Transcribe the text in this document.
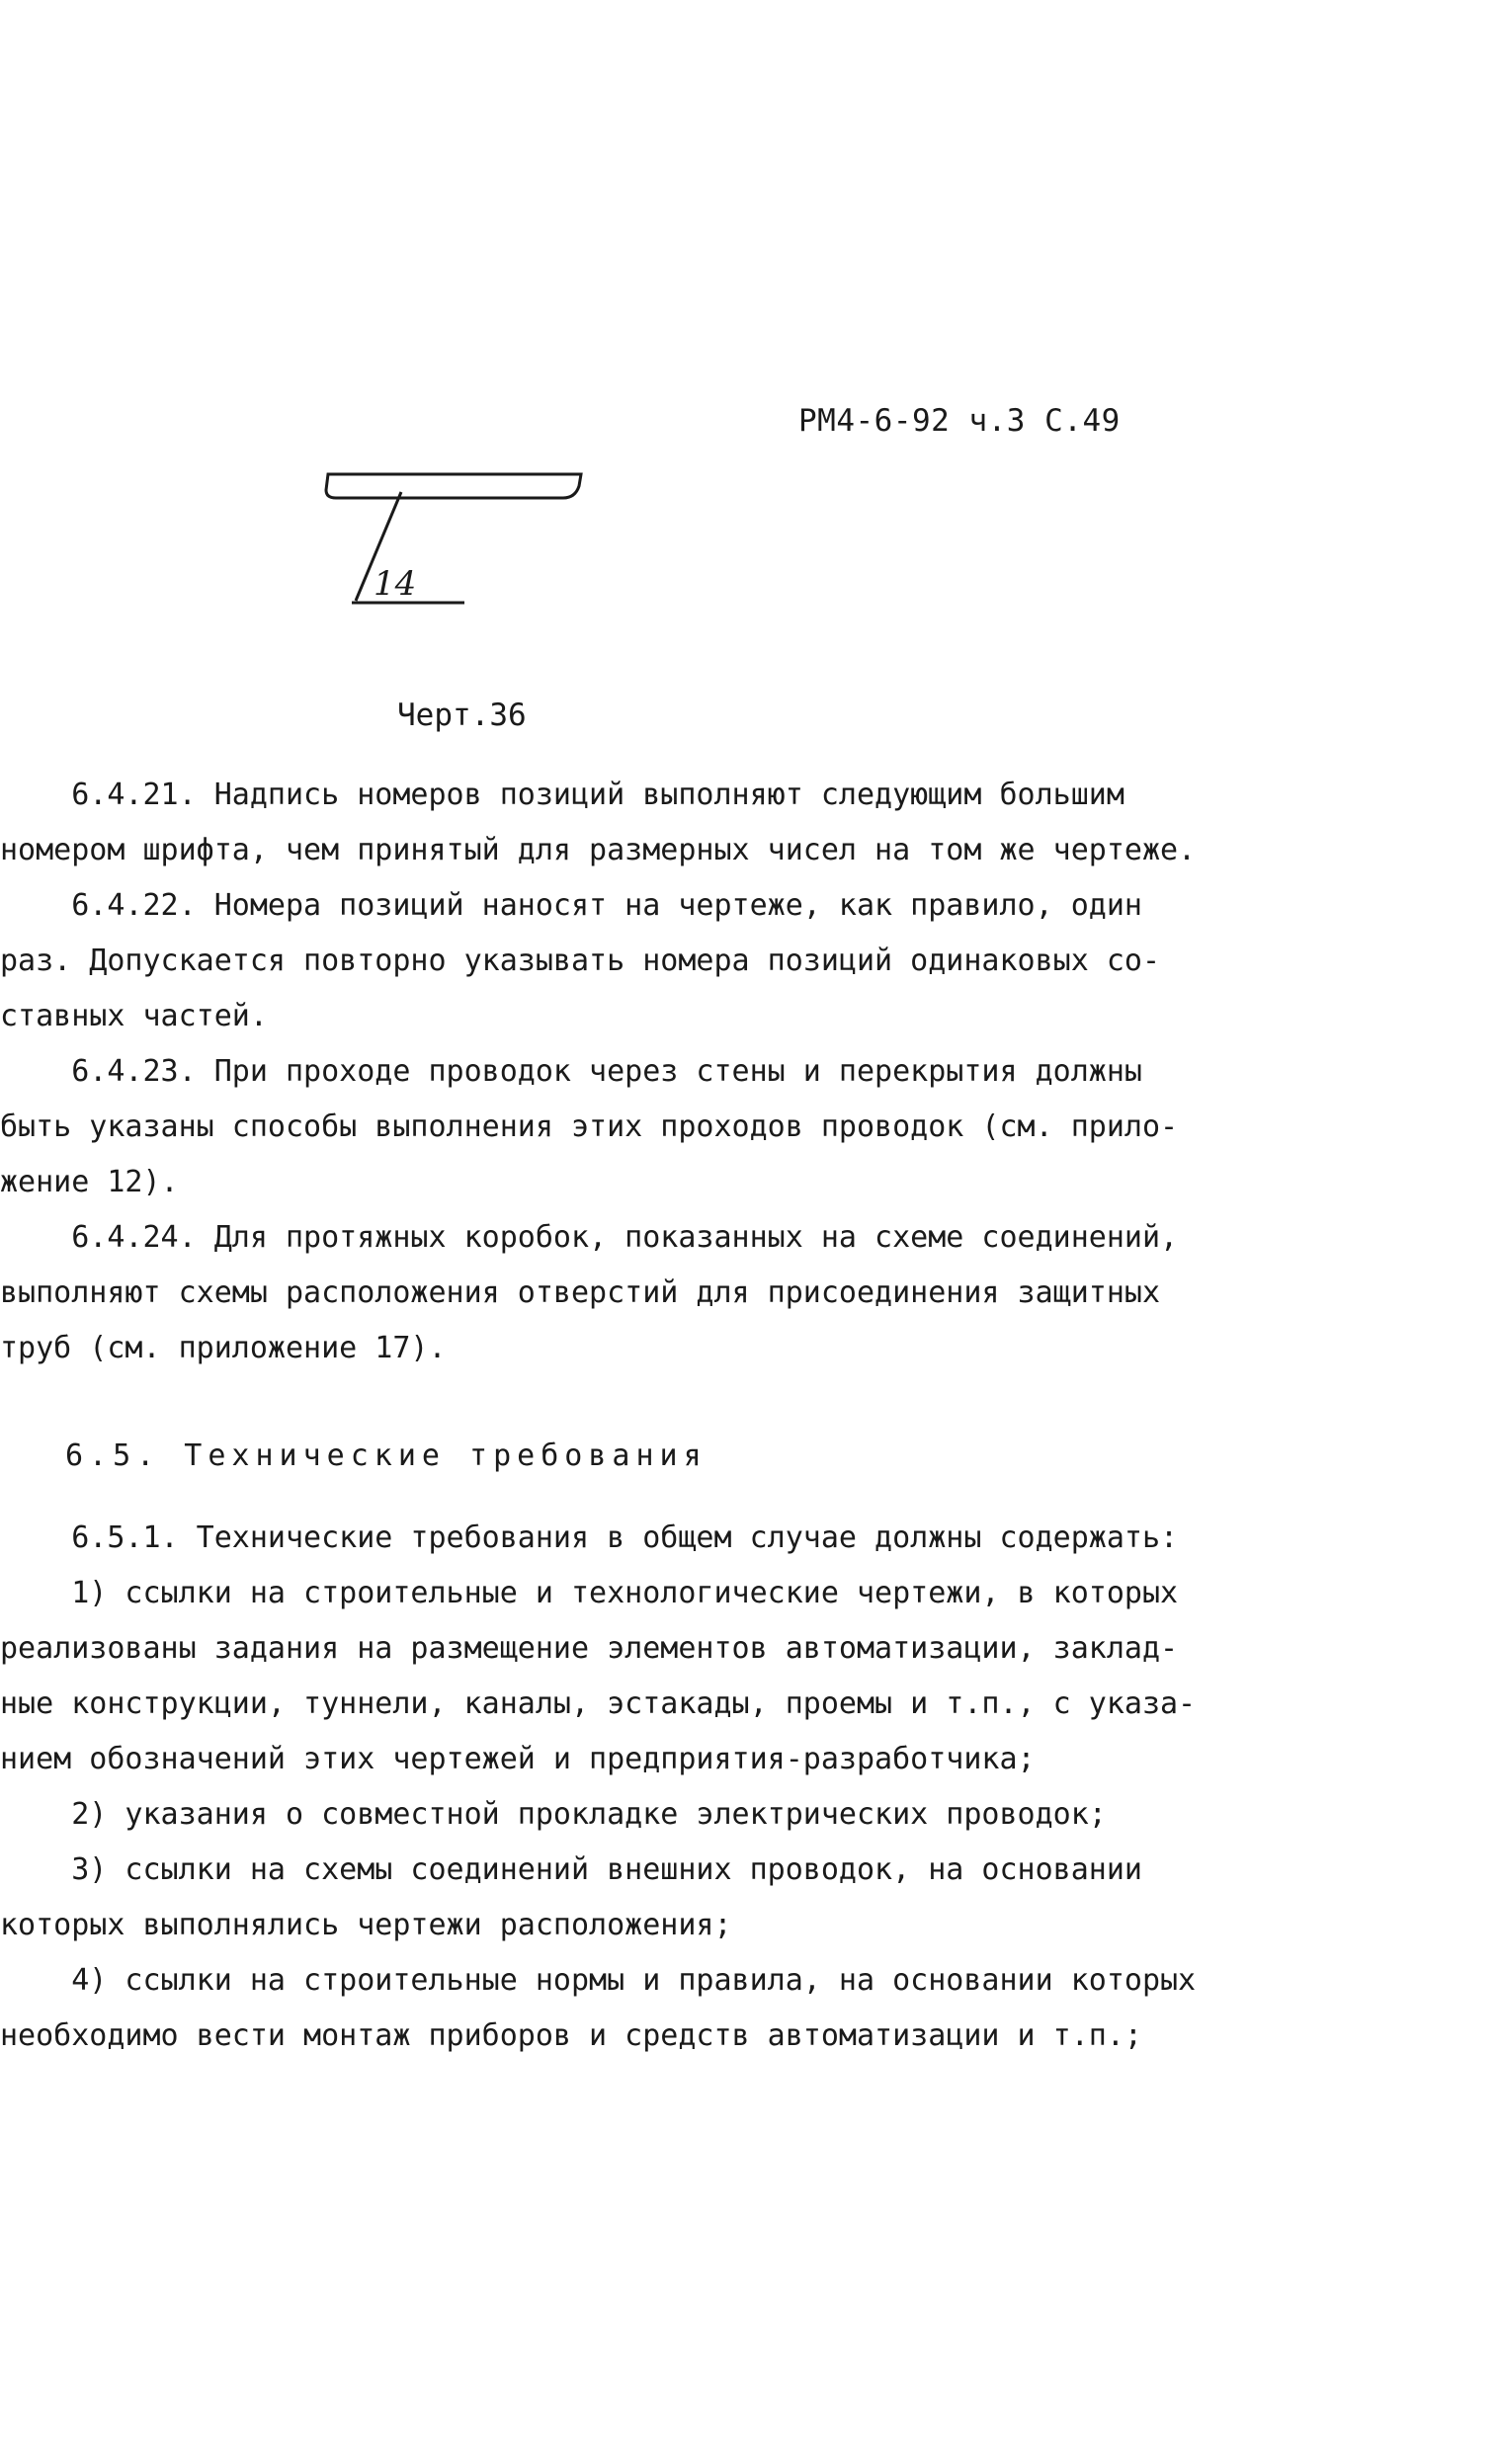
РМ4-6-92 ч.3 С.49
14
Черт.36
6.4.21. Надпись номеров позиций выполняют следующим большим
номером шрифта, чем принятый для размерных чисел на том же чертеже.
6.4.22. Номера позиций наносят на чертеже, как правило, один
раз. Допускается повторно указывать номера позиций одинаковых со-
ставных частей.
6.4.23. При проходе проводок через стены и перекрытия должны
быть указаны способы выполнения этих проходов проводок (см. прило-
жение 12).
6.4.24. Для протяжных коробок, показанных на схеме соединений,
выполняют схемы расположения отверстий для присоединения защитных
труб (см. приложение 17).
6.5. Технические требования
6.5.1. Технические требования в общем случае должны содержать:
1) ссылки на строительные и технологические чертежи, в которых
реализованы задания на размещение элементов автоматизации, заклад-
ные конструкции, туннели, каналы, эстакады, проемы и т.п., с указа-
нием обозначений этих чертежей и предприятия-разработчика;
2) указания о совместной прокладке электрических проводок;
3) ссылки на схемы соединений внешних проводок, на основании
которых выполнялись чертежи расположения;
4) ссылки на строительные нормы и правила, на основании которых
необходимо вести монтаж приборов и средств автоматизации и т.п.;
